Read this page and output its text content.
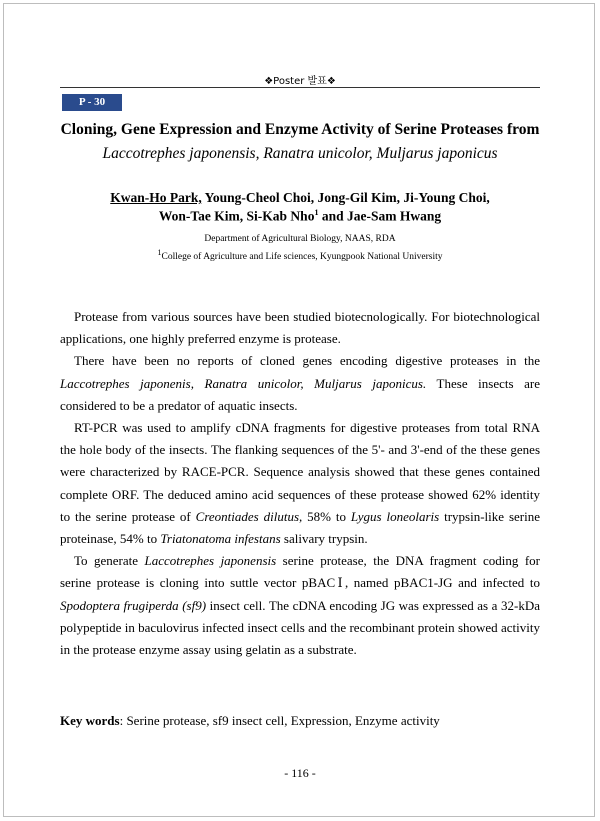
❖Poster 발표❖
P - 30
Cloning, Gene Expression and Enzyme Activity of Serine Proteases from
Laccotrephes japonensis, Ranatra unicolor, Muljarus japonicus
Kwan-Ho Park, Young-Cheol Choi, Jong-Gil Kim, Ji-Young Choi,
Won-Tae Kim, Si-Kab Nho$^1$ and Jae-Sam Hwang
Department of Agricultural Biology, NAAS, RDA
$^1$College of Agriculture and Life sciences, Kyungpook National University

Protease from various sources have been studied biotecnologically. For biotechnological applications, one highly preferred enzyme is protease.

There have been no reports of cloned genes encoding digestive proteases in the Laccotrephes japonenis, Ranatra unicolor, Muljarus japonicus. These insects are considered to be a predator of aquatic insects.

RT-PCR was used to amplify cDNA fragments for digestive proteases from total RNA the hole body of the insects. The flanking sequences of the 5'- and 3'-end of the these genes were characterized by RACE-PCR. Sequence analysis showed that these genes contained complete ORF. The deduced amino acid sequences of these protease showed 62% identity to the serine protease of Creontiades dilutus, 58% to Lygus loneolaris trypsin-like serine proteinase, 54% to Triatonatoma infestans salivary trypsin.

To generate Laccotrephes japonensis serine protease, the DNA fragment coding for serine protease is cloning into suttle vector pBACⅠ, named pBAC1-JG and infected to Spodoptera frugiperda (sf9) insect cell. The cDNA encoding JG was expressed as a 32-kDa polypeptide in baculovirus infected insect cells and the recombinant protein showed activity in the protease enzyme assay using gelatin as a substrate.

Key words: Serine protease, sf9 insect cell, Expression, Enzyme activity
- 116 -
